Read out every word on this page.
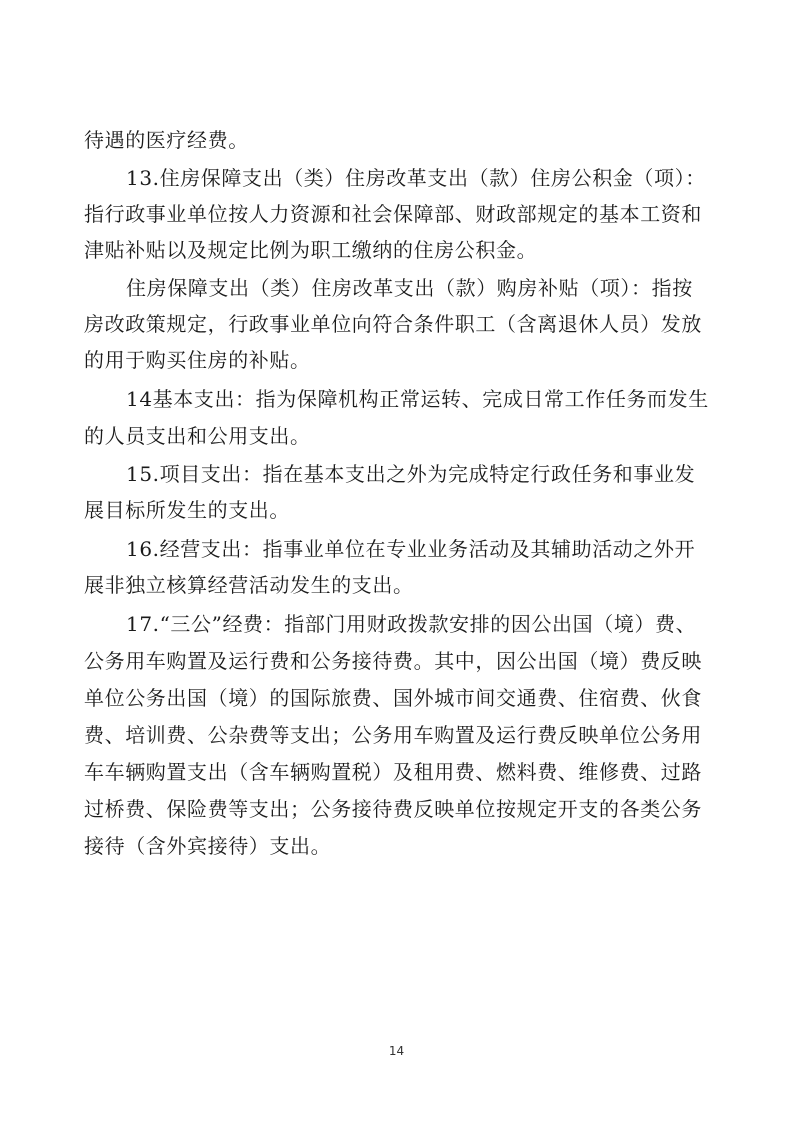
待遇的医疗经费。
13.住房保障支出（类）住房改革支出（款）住房公积金（项）：
指行政事业单位按人力资源和社会保障部、财政部规定的基本工资和
津贴补贴以及规定比例为职工缴纳的住房公积金。
住房保障支出（类）住房改革支出（款）购房补贴（项）：指按
房改政策规定，行政事业单位向符合条件职工（含离退休人员）发放
的用于购买住房的补贴。
14基本支出：指为保障机构正常运转、完成日常工作任务而发生
的人员支出和公用支出。
15.项目支出：指在基本支出之外为完成特定行政任务和事业发
展目标所发生的支出。
16.经营支出：指事业单位在专业业务活动及其辅助活动之外开
展非独立核算经营活动发生的支出。
17.“三公”经费：指部门用财政拨款安排的因公出国（境）费、
公务用车购置及运行费和公务接待费。其中，因公出国（境）费反映
单位公务出国（境）的国际旅费、国外城市间交通费、住宿费、伙食
费、培训费、公杂费等支出；公务用车购置及运行费反映单位公务用
车车辆购置支出（含车辆购置税）及租用费、燃料费、维修费、过路
过桥费、保险费等支出；公务接待费反映单位按规定开支的各类公务
接待（含外宾接待）支出。
14
